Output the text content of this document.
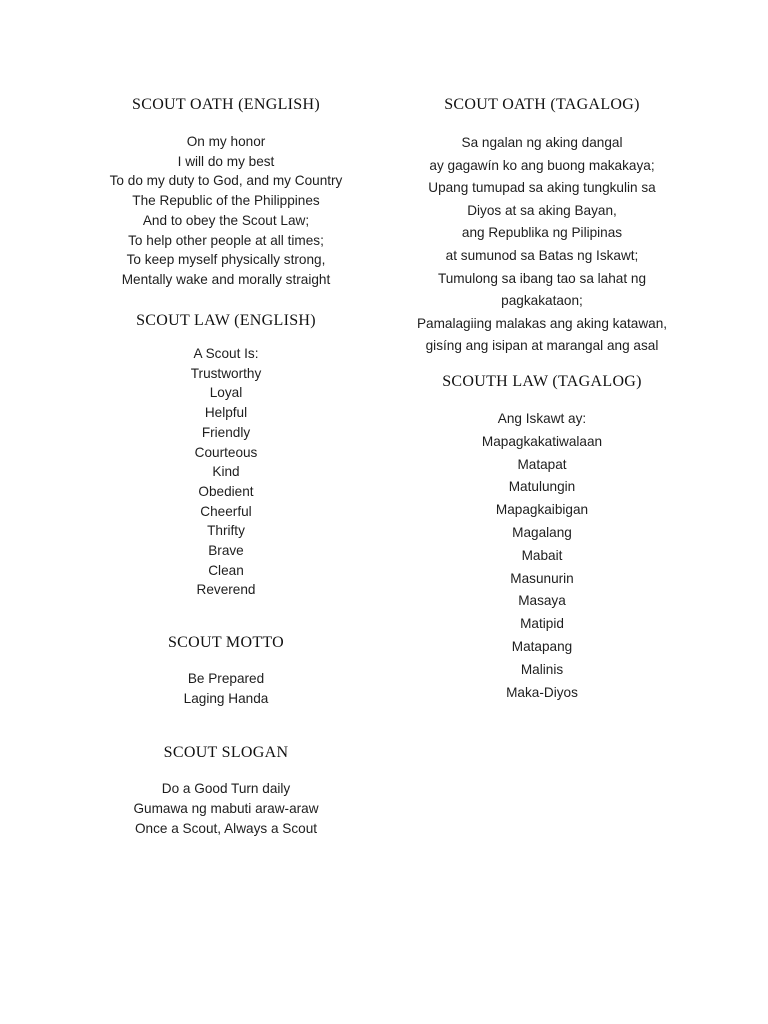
SCOUT OATH (ENGLISH)
On my honor
I will do my best
To do my duty to God, and my Country
The Republic of the Philippines
And to obey the Scout Law;
To help other people at all times;
To keep myself physically strong,
Mentally wake and morally straight
SCOUT LAW (ENGLISH)
A Scout Is:
Trustworthy
Loyal
Helpful
Friendly
Courteous
Kind
Obedient
Cheerful
Thrifty
Brave
Clean
Reverend
SCOUT MOTTO
Be Prepared
Laging Handa
SCOUT SLOGAN
Do a Good Turn daily
Gumawa ng mabuti araw-araw
Once a Scout, Always a Scout
SCOUT OATH (TAGALOG)
Sa ngalan ng aking dangal
ay gagawín ko ang buong makakaya;
Upang tumupad sa aking tungkulin sa
Diyos at sa aking Bayan,
ang Republika ng Pilipinas
at sumunod sa Batas ng Iskawt;
Tumulong sa ibang tao sa lahat ng
pagkakataon;
Pamalagiing malakas ang aking katawan,
gisíng ang isipan at marangal ang asal
SCOUTH LAW (TAGALOG)
Ang Iskawt ay:
Mapagkakatiwalaan
Matapat
Matulungin
Mapagkaibigan
Magalang
Mabait
Masunurin
Masaya
Matipid
Matapang
Malinis
Maka-Diyos
